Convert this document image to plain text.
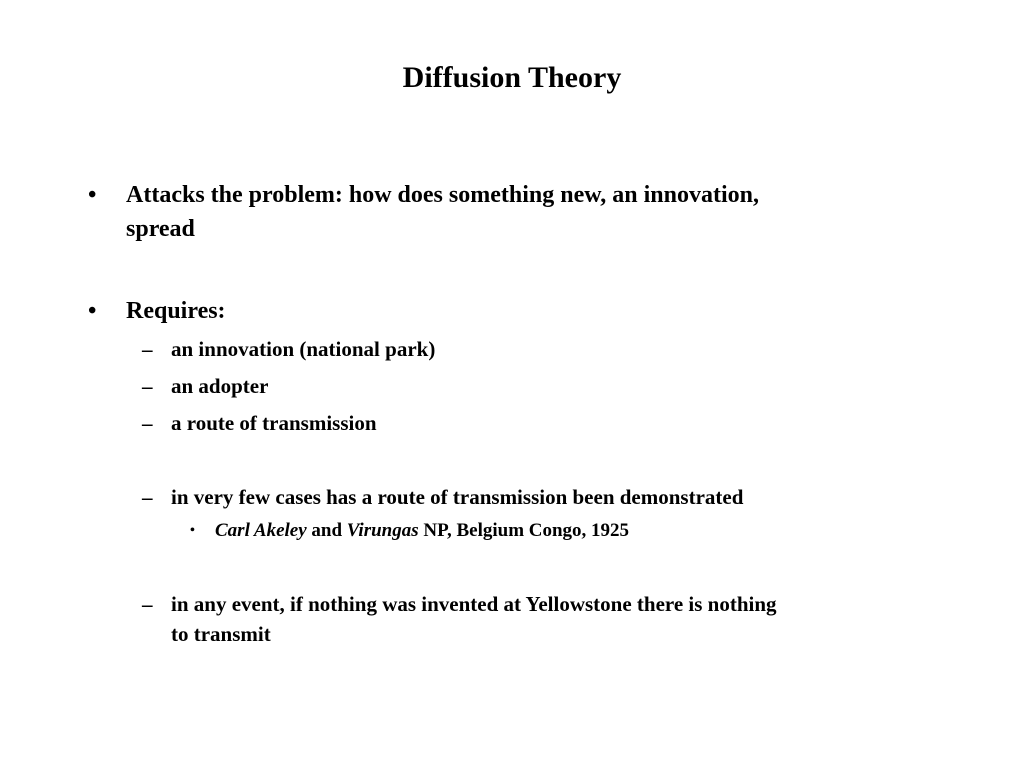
Diffusion Theory
• Attacks the problem: how does something new, an innovation,
spread
• Requires:
– an innovation (national park)
– an adopter
– a route of transmission
– in very few cases has a route of transmission been demonstrated
• Carl Akeley and Virungas NP, Belgium Congo, 1925
– in any event, if nothing was invented at Yellowstone there is nothing
to transmit
